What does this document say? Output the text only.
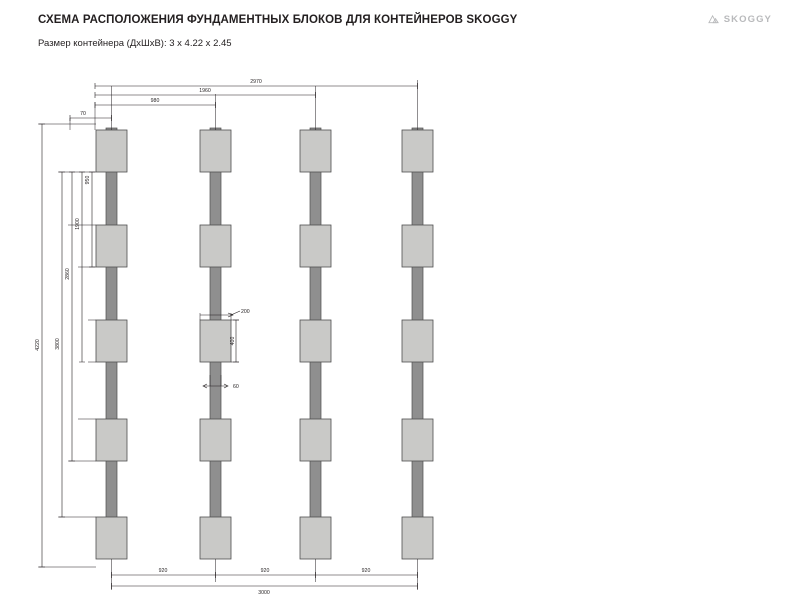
СХЕМА РАСПОЛОЖЕНИЯ ФУНДАМЕНТНЫХ БЛОКОВ ДЛЯ КОНТЕЙНЕРОВ SKOGGY
Размер контейнера (ДхШхВ): 3 x 4.22 x 2.45
SKOGGY
2970
1960
980
70
4220	3800
2860
1900
950
200
400
60
920	920	920
3000
